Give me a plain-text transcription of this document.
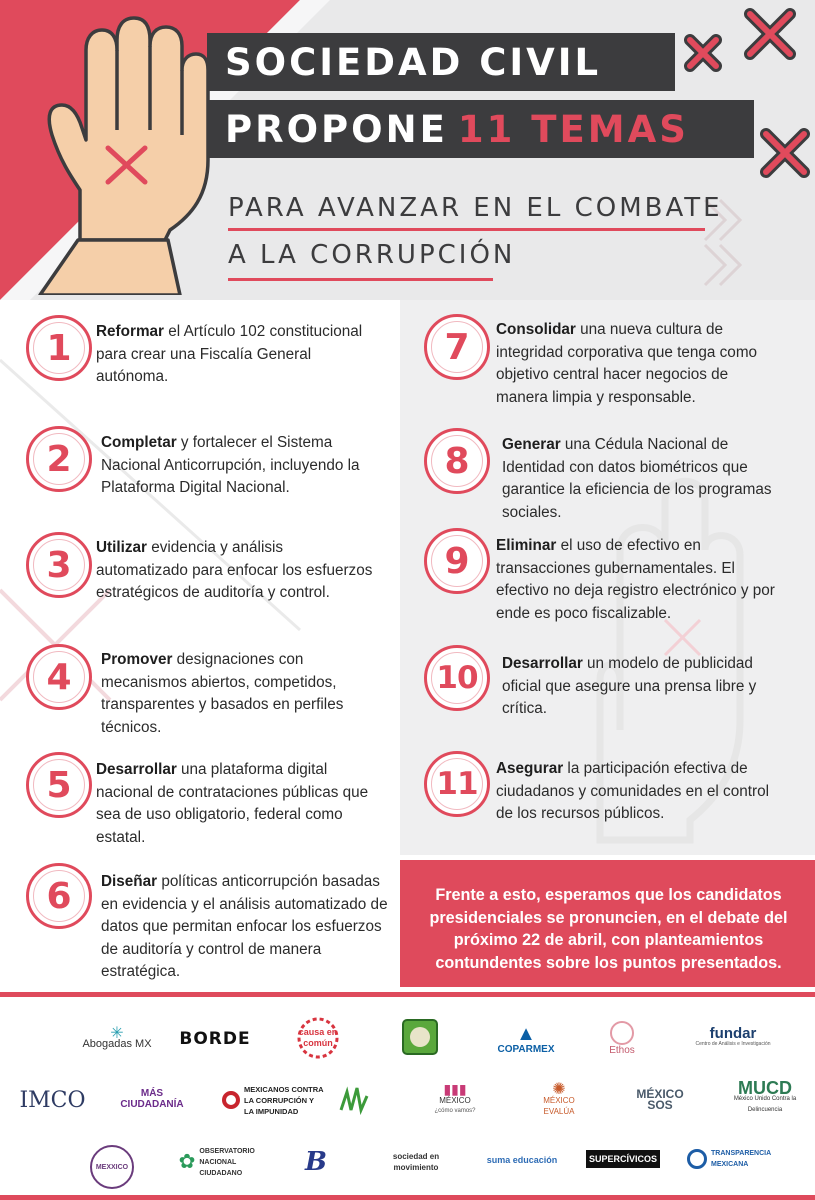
SOCIEDAD CIVIL
PROPONE 11 TEMAS
PARA AVANZAR EN EL COMBATE
A LA CORRUPCIÓN
1 Reformar el Artículo 102 constitucional para crear una Fiscalía General autónoma.
2 Completar y fortalecer el Sistema Nacional Anticorrupción, incluyendo la Plataforma Digital Nacional.
3 Utilizar evidencia y análisis automatizado para enfocar los esfuerzos estratégicos de auditoría y control.
4 Promover designaciones con mecanismos abiertos, competidos, transparentes y basados en perfiles técnicos.
5 Desarrollar una plataforma digital nacional de contrataciones públicas que sea de uso obligatorio, federal como estatal.
6 Diseñar políticas anticorrupción basadas en evidencia y el análisis automatizado de datos que permitan enfocar los esfuerzos de auditoría y control de manera estratégica.
7 Consolidar una nueva cultura de integridad corporativa que tenga como objetivo central hacer negocios de manera limpia y responsable.
8 Generar una Cédula Nacional de Identidad con datos biométricos que garantice la eficiencia de los programas sociales.
9 Eliminar el uso de efectivo en transacciones gubernamentales. El efectivo no deja registro electrónico y por ende es poco fiscalizable.
10 Desarrollar un modelo de publicidad oficial que asegure una prensa libre y crítica.
11 Asegurar la participación efectiva de ciudadanos y comunidades en el control de los recursos públicos.
Frente a esto, esperamos que los candidatos presidenciales se pronuncien, en el debate del próximo 22 de abril, con planteamientos contundentes sobre los puntos presentados.
✳
Abogadas MX BORDE	causa en común	▲
COPARMEX	Ethos
fundar
Centro de Análisis e Investigación
IMCO	MÁS CIUDADANÍA
MEXICANOS CONTRA LA CORRUPCIÓN Y LA IMPUNIDAD
▮▮▮
MÉXICO
¿cómo vamos?
✺
MÉXICO EVALÚA
MÉXICO SOS
MUCD
México Unido Contra la Delincuencia
MEXXICO	✿ OBSERVATORIO NACIONAL CIUDADANO	B	sociedad en movimiento
suma educación	SUPERCÍVICOS	TRANSPARENCIA MEXICANA
